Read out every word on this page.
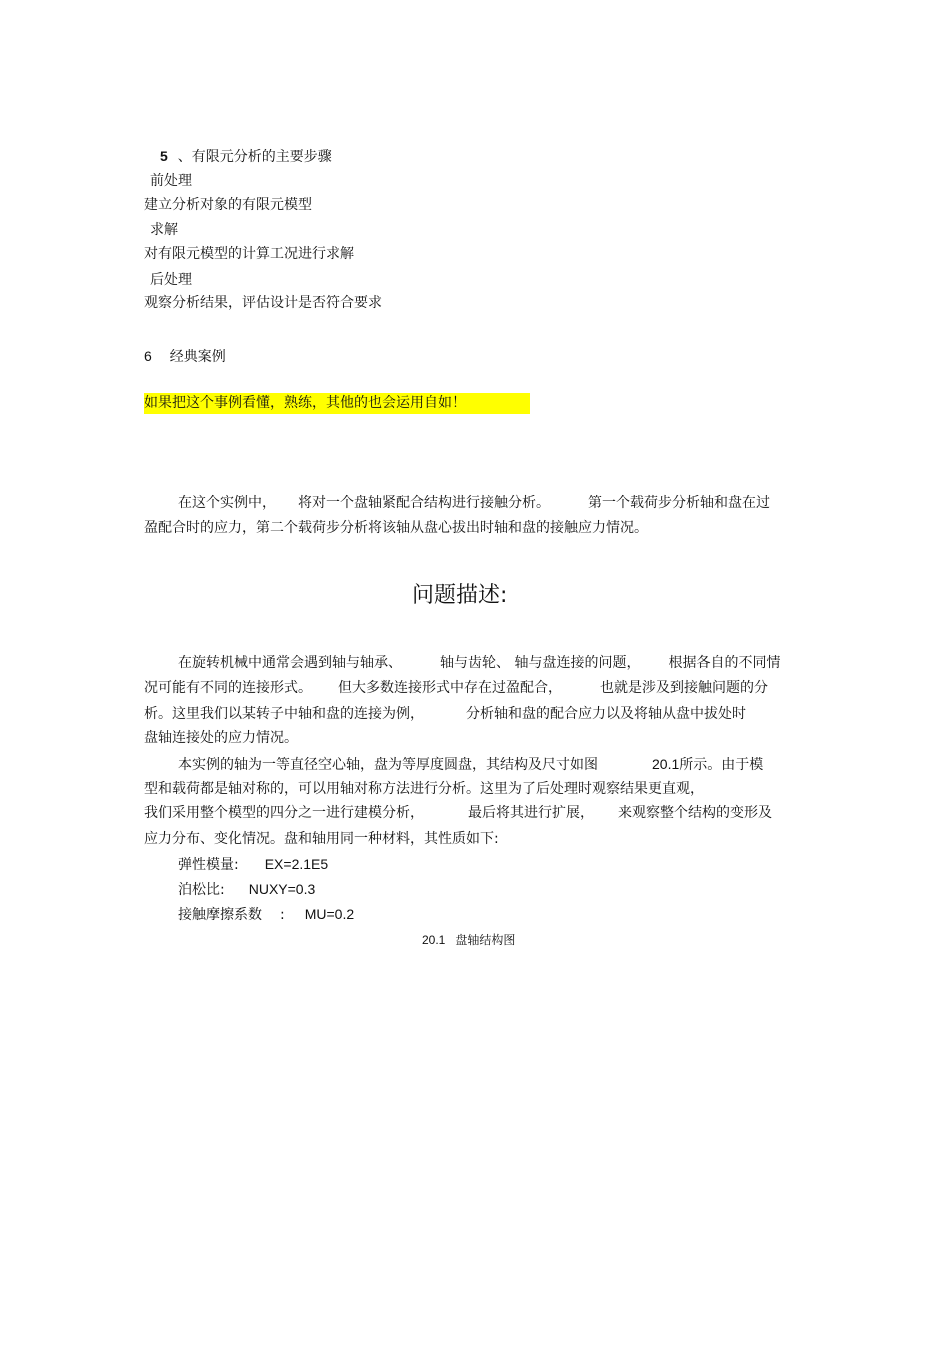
5 、有限元分析的主要步骤
前处理
建立分析对象的有限元模型
求解
对有限元模型的计算工况进行求解
后处理
观察分析结果，评估设计是否符合要求
6 经典案例
如果把这个事例看懂，熟练，其他的也会运用自如！
在这个实例中， 将对一个盘轴紧配合结构进行接触分析。	第一个载荷步分析轴和盘在过
盈配合时的应力，第二个载荷步分析将该轴从盘心拔出时轴和盘的接触应力情况。
问题描述:
在旋转机械中通常会遇到轴与轴承、	轴与齿轮、 轴与盘连接的问题， 根据各自的不同情
况可能有不同的连接形式。 但大多数连接形式中存在过盈配合，	也就是涉及到接触问题的分
析。这里我们以某转子中轴和盘的连接为例，	分析轴和盘的配合应力以及将轴从盘中拔处时
盘轴连接处的应力情况。
本实例的轴为一等直径空心轴，盘为等厚度圆盘，其结构及尺寸如图	20.1所示。由于模
型和载荷都是轴对称的，可以用轴对称方法进行分析。这里为了后处理时观察结果更直观，
我们采用整个模型的四分之一进行建模分析，	最后将其进行扩展， 来观察整个结构的变形及
应力分布、变化情况。盘和轴用同一种材料，其性质如下:
弹性模量: EX=2.1E5
泊松比: NUXY=0.3
接触摩擦系数 : MU=0.2
20.1 盘轴结构图
